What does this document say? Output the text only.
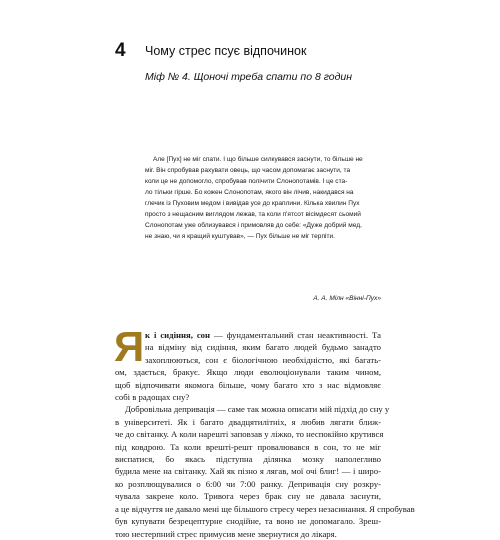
4 Чому стрес псує відпочинок
Міф № 4. Щоночі треба спати по 8 годин
Але [Пух] не міг спати. І що більше силкувався заснути, то більше не
міг. Він спробував рахувати овець, що часом допомагає заснути, та
коли це не допомогло, спробував полічити Слонопотамів. І це ста-
ло тільки гірше. Бо кожен Слонопотам, якого він лічив, накидався на
глечик із Пуховим медом і вивідав усе до краплини. Кілька хвилин Пух
просто з нещасним виглядом лежав, та коли п'ятсот вісімдесят сьомий
Слонопотам уже облизувався і примовляв до себе: «Дуже добрий мед,
не знаю, чи я кращий куштував», — Пух більше не міг терпіти.
А. А. Мілн «Вінні-Пух»
Я к і сидіння, сон — фундаментальний стан неактивності. Та
на відміну від сидіння, яким багато людей будьмо занадто
захоплюються, сон є біологічною необхідністю, які багать-
ом, здається, бракує. Якщо люди еволюціонували таким чином,
щоб відпочивати якомога більше, чому багато хто з нас відмовляє
собі в радощах сну?
Добровільна депривація — саме так можна описати мій підхід до сну у
в університеті. Як і багато двадцятилітніх, я любив лягати ближ-
че до світанку. А коли нарешті заповзав у ліжко, то неспокійно крутився
під ковдрою. Та коли врешті-решт провалювався в сон, то не міг
виспатися, бо якась підступна ділянка мозку наполегливо
будила мене на світанку. Хай як пізно я лягав, мої очі блиг! — і широ-
ко розплющувалися о 6:00 чи 7:00 ранку. Депривація сну розкру-
чувала закрене коло. Тривога через брак сну не давала заснути,
а це відчуття не давало мені ще більшого стресу через незасинання. Я спробував
був купувати безрецептурне снодійне, та воно не допомагало. Зреш-
тою нестерпний стрес примусив мене звернутися до лікаря.
